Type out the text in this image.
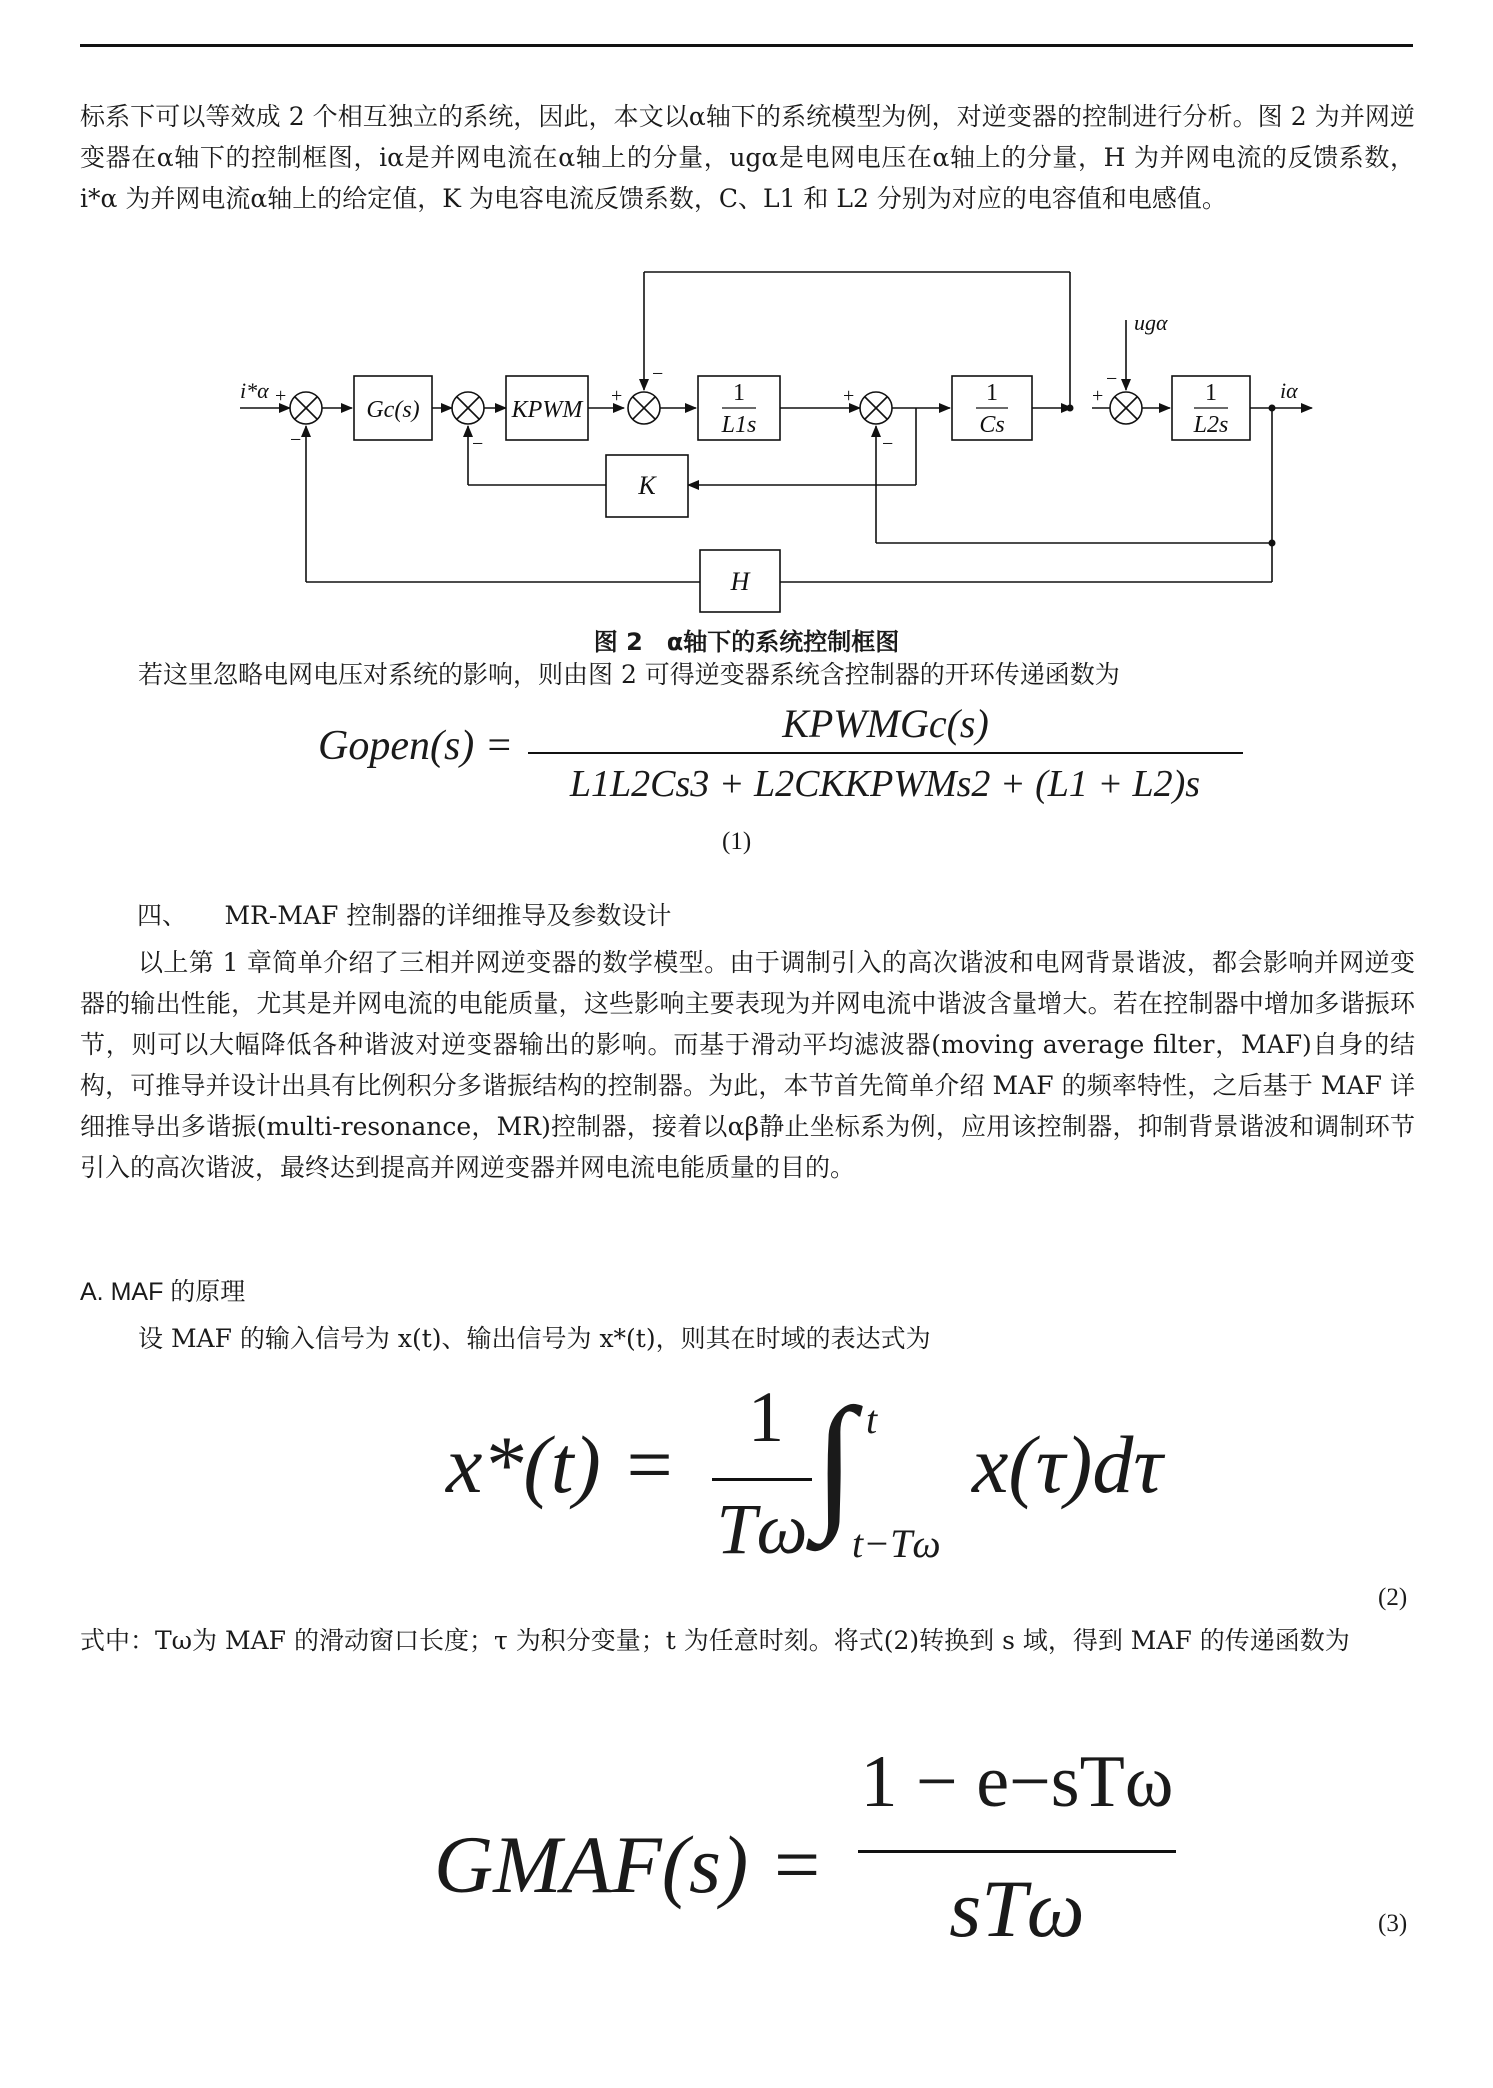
标系下可以等效成 2 个相互独立的系统，因此，本文以α轴下的系统模型为例，对逆变器的控制进行分析。图 2 为并网逆变器在α轴下的控制框图，iα是并网电流在α轴上的分量，ugα是电网电压在α轴上的分量，H 为并网电流的反馈系数，i*α 为并网电流α轴上的给定值，K 为电容电流反馈系数，C、L1 和 L2 分别为对应的电容值和电感值。

Gc(s)	KPWM
1
L1s
1
Cs
1
L2s
K
H
i*α	iα
ugα
+
−	−
+
−
+
−
+
−
图 2　α轴下的系统控制框图

若这里忽略电网电压对系统的影响，则由图 2 可得逆变器系统含控制器的开环传递函数为

Gopen(s) =	KPWMGc(s)
L1L2Cs3 + L2CKKPWMs2 + (L1 + L2)s
(1)
四、　　MR-MAF 控制器的详细推导及参数设计

以上第 1 章简单介绍了三相并网逆变器的数学模型。由于调制引入的高次谐波和电网背景谐波，都会影响并网逆变器的输出性能，尤其是并网电流的电能质量，这些影响主要表现为并网电流中谐波含量增大。若在控制器中增加多谐振环节，则可以大幅降低各种谐波对逆变器输出的影响。而基于滑动平均滤波器(moving average filter，MAF)自身的结构，可推导并设计出具有比例积分多谐振结构的控制器。为此，本节首先简单介绍 MAF 的频率特性，之后基于 MAF 详细推导出多谐振(multi-resonance，MR)控制器，接着以αβ静止坐标系为例，应用该控制器，抑制背景谐波和调制环节引入的高次谐波，最终达到提高并网逆变器并网电流电能质量的目的。

A. MAF 的原理

设 MAF 的输入信号为 x(t)、输出信号为 x*(t)，则其在时域的表达式为

x*(t) =
1
Tω ∫ t
t−Tω
x(τ)dτ
(2)

式中：Tω为 MAF 的滑动窗口长度；τ 为积分变量；t 为任意时刻。将式(2)转换到 s 域，得到 MAF 的传递函数为

GMAF(s) =
1 − e−sTω
sTω	(3)
